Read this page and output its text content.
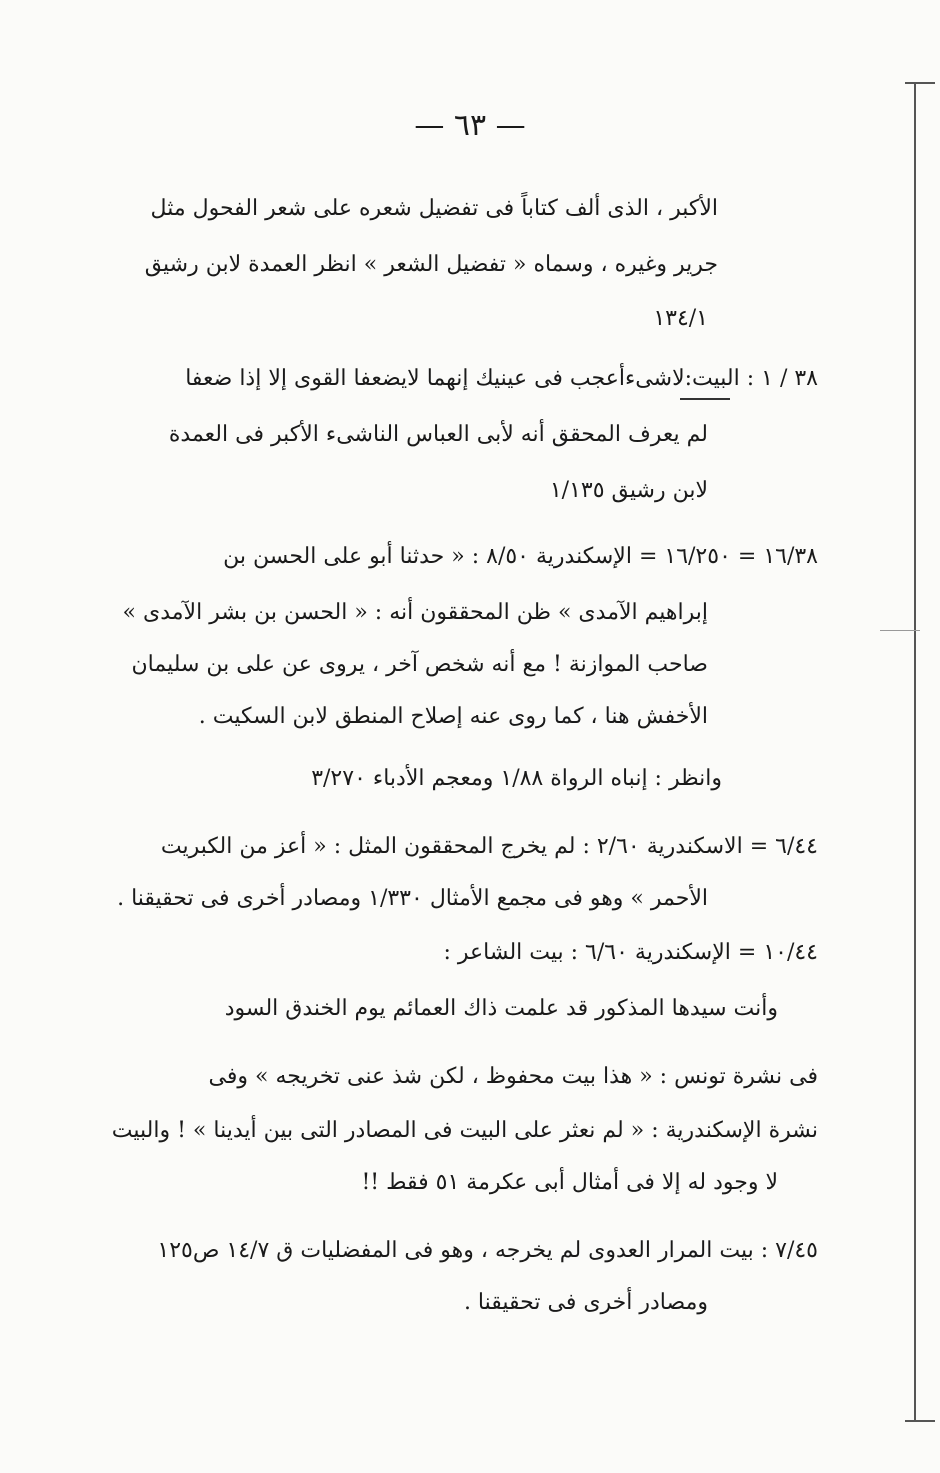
— ٦٣ —
الأكبر ، الذى ألف كتاباً فى تفضيل شعره على شعر الفحول مثل
جرير وغيره ، وسماه « تفضيل الشعر » انظر العمدة لابن رشيق
١٣٤/١
٣٨ / ١ : البيت:لاشىءأعجب فى عينيك إنهما لايضعفا القوى إلا إذا ضعفا
لم يعرف المحقق أنه لأبى العباس الناشىء الأكبر فى العمدة
لابن رشيق ١/١٣٥
١٦/٣٨ = ١٦/٢٥٠ = الإسكندرية ٨/٥٠ : « حدثنا أبو على الحسن بن
إبراهيم الآمدى » ظن المحققون أنه : « الحسن بن بشر الآمدى »
صاحب الموازنة ! مع أنه شخص آخر ، يروى عن على بن سليمان
الأخفش هنا ، كما روى عنه إصلاح المنطق لابن السكيت .
وانظر : إنباه الرواة ١/٨٨ ومعجم الأدباء ٣/٢٧٠
٦/٤٤ = الاسكندرية ٢/٦٠ : لم يخرج المحققون المثل : « أعز من الكبريت
الأحمر » وهو فى مجمع الأمثال ١/٣٣٠ ومصادر أخرى فى تحقيقنا .
١٠/٤٤ = الإسكندرية ٦/٦٠ : بيت الشاعر :
وأنت سيدها المذكور قد علمت ذاك العمائم يوم الخندق السود
فى نشرة تونس : « هذا بيت محفوظ ، لكن شذ عنى تخريجه » وفى
نشرة الإسكندرية : « لم نعثر على البيت فى المصادر التى بين أيدينا » ! والبيت
لا وجود له إلا فى أمثال أبى عكرمة ٥١ فقط !!
٧/٤٥ : بيت المرار العدوى لم يخرجه ، وهو فى المفضليات ق ١٤/٧ ص١٢٥
ومصادر أخرى فى تحقيقنا .
